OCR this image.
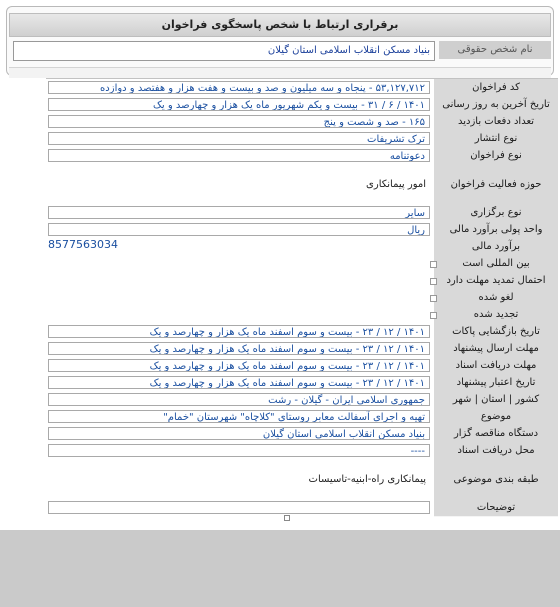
برقراری ارتباط با شخص پاسخگوی فراخوان
نام شخص حقوقی
بنیاد مسکن انقلاب اسلامی استان گیلان
کد فراخوان
۵۳,۱۲۷,۷۱۲ - پنجاه و سه میلیون و صد و بیست و هفت هزار و هفتصد و دوازده
تاریخ آخرین به روز رسانی
۱۴۰۱ / ۶ / ۳۱ - بیست و یکم شهریور ماه یک هزار و چهارصد و یک
تعداد دفعات بازدید
۱۶۵ - صد و شصت و پنج
نوع انتشار
ترک تشریفات
نوع فراخوان
دعوتنامه
حوزه فعالیت فراخوان
امور پیمانکاری
نوع برگزاری
سایر
واحد پولی برآورد مالی
ریال
برآورد مالی
8577563034
بین المللی است
احتمال تمدید مهلت دارد
لغو شده
تجدید شده
تاریخ بازگشایی پاکات
۱۴۰۱ / ۱۲ / ۲۳ - بیست و سوم اسفند ماه یک هزار و چهارصد و یک
مهلت ارسال پیشنهاد
۱۴۰۱ / ۱۲ / ۲۳ - بیست و سوم اسفند ماه یک هزار و چهارصد و یک
مهلت دریافت اسناد
۱۴۰۱ / ۱۲ / ۲۳ - بیست و سوم اسفند ماه یک هزار و چهارصد و یک
تاریخ اعتبار پیشنهاد
۱۴۰۱ / ۱۲ / ۲۳ - بیست و سوم اسفند ماه یک هزار و چهارصد و یک
کشور | استان | شهر
جمهوری اسلامی ایران - گیلان - رشت
موضوع
تهیه و اجرای آسفالت معابر روستای "کلاچاه" شهرستان "خمام"
دستگاه مناقصه گزار
بنیاد مسکن انقلاب اسلامی استان گیلان
محل دریافت اسناد
----
طبقه بندی موضوعی
پیمانکاری راه-ابنیه-تاسیسات
توضیحات
